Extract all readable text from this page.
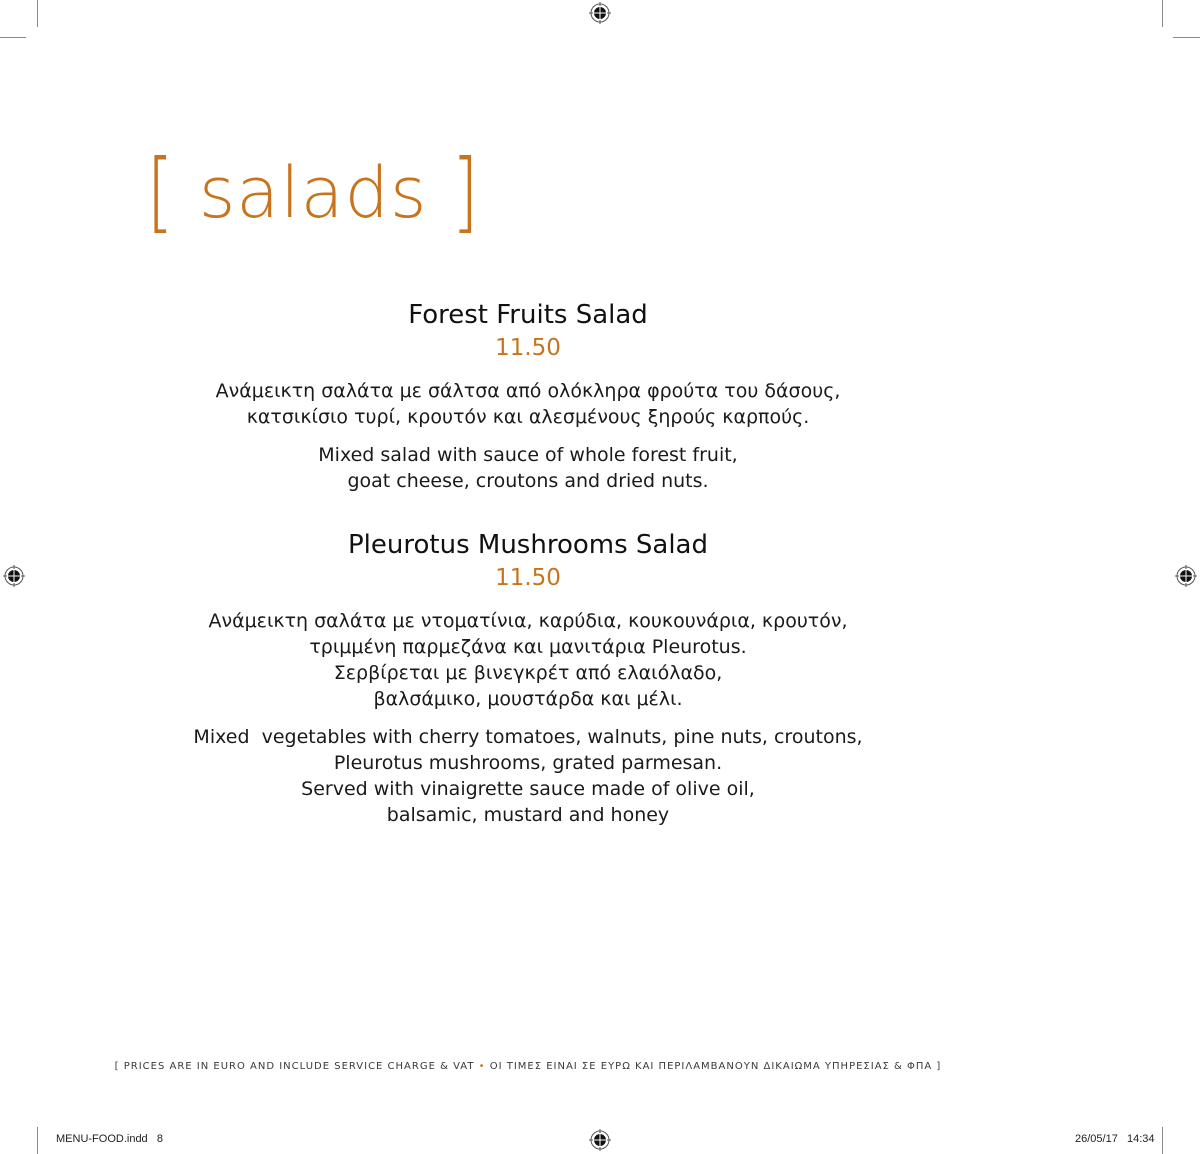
[ salads ]

Forest Fruits Salad
11.50
Ανάμεικτη σαλάτα με σάλτσα από ολόκληρα φρούτα του δάσους,
κατσικίσιο τυρί, κρουτόν και αλεσμένους ξηρούς καρπούς.
Mixed salad with sauce of whole forest fruit,
goat cheese, croutons and dried nuts.
Pleurotus Mushrooms Salad
11.50
Ανάμεικτη σαλάτα με ντοματίνια, καρύδια, κουκουνάρια, κρουτόν,
τριμμένη παρμεζάνα και μανιτάρια Pleurotus.
Σερβίρεται με βινεγκρέτ από ελαιόλαδο,
βαλσάμικο, μουστάρδα και μέλι.
Mixed  vegetables with cherry tomatoes, walnuts, pine nuts, croutons,
Pleurotus mushrooms, grated parmesan.
Served with vinaigrette sauce made of olive oil,
balsamic, mustard and honey
[ PRICES ARE IN EURO AND INCLUDE SERVICE CHARGE & VAT • ΟΙ ΤΙΜΕΣ ΕΙΝΑΙ ΣΕ ΕΥΡΩ ΚΑΙ ΠΕΡΙΛΑΜΒΑΝΟΥΝ ΔΙΚΑΙΩΜΑ ΥΠΗΡΕΣΙΑΣ & ΦΠΑ ]
MENU-FOOD.indd   8	26/05/17   14:34
